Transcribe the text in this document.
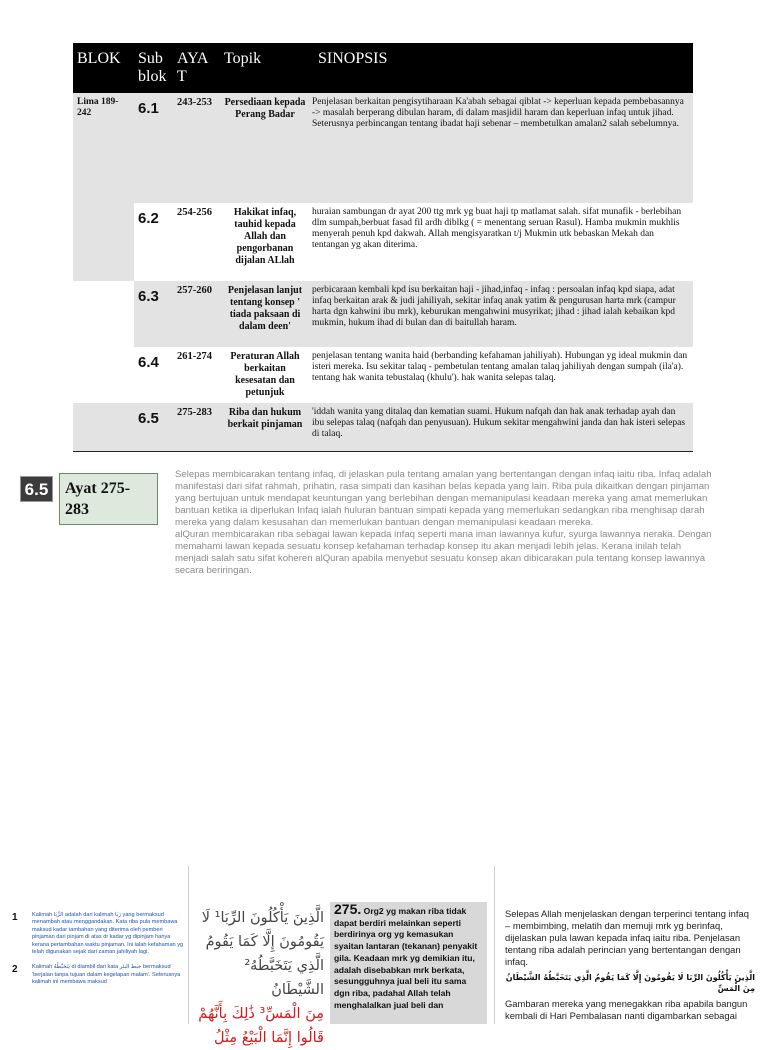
BLOK	Sub blok	AYA T	Topik	SINOPSIS
Lima 189-242	6.1	243-253	Persediaan kepada Perang Badar	Penjelasan berkaitan pengisytiharaan Ka'abah sebagai qiblat -> keperluan kepada pembebasannya -> masalah berperang dibulan haram, di dalam masjidil haram dan keperluan infaq untuk jihad. Seterusnya perbincangan tentang ibadat haji sebenar – membetulkan amalan2 salah sebelumnya.
	6.2	254-256	Hakikat infaq, tauhid kepada Allah dan pengorbanan dijalan ALlah	huraian sambungan dr ayat 200 ttg mrk yg buat haji tp matlamat salah. sifat munafik - berlebihan dlm sumpah,berbuat fasad fil ardh diblkg ( = menentang seruan Rasul). Hamba mukmin mukhlis menyerah penuh kpd dakwah. Allah mengisyaratkan t/j Mukmin utk bebaskan Mekah dan tentangan yg akan diterima.
	6.3	257-260	Penjelasan lanjut tentang konsep ' tiada paksaan di dalam deen'	perbicaraan kembali kpd isu berkaitan haji - jihad,infaq - infaq : persoalan infaq kpd siapa, adat infaq berkaitan arak & judi jahiliyah, sekitar infaq anak yatim & pengurusan harta mrk (campur harta dgn kahwini ibu mrk), keburukan mengahwini musyrikat; jihad : jihad ialah kebaikan kpd mukmin, hukum ihad di bulan dan di baitullah haram.
	6.4	261-274	Peraturan Allah berkaitan kesesatan dan petunjuk	penjelasan tentang wanita haid (berbanding kefahaman jahiliyah). Hubungan yg ideal mukmin dan isteri mereka. Isu sekitar talaq - pembetulan tentang amalan talaq jahiliyah dengan sumpah (ila'a). tentang hak wanita tebustalaq (khulu'). hak wanita selepas talaq.
	6.5	275-283	Riba dan hukum berkait pinjaman	'iddah wanita yang ditalaq dan kematian suami. Hukum nafqah dan hak anak terhadap ayah dan ibu selepas talaq (nafqah dan penyusuan). Hukum sekitar mengahwini janda dan hak isteri selepas di talaq.
6.5	Ayat 275-283

Selepas membicarakan tentang infaq, di jelaskan pula tentang amalan yang bertentangan dengan infaq iaitu riba. Infaq adalah manifestasi dari sifat rahmah, prihatin, rasa simpati dan kasihan belas kepada yang lain. Riba pula dikaitkan dengan pinjaman yang bertujuan untuk mendapat keuntungan yang berlebihan dengan memanipulasi keadaan mereka yang amat memerlukan bantuan ketika ia diperlukan Infaq ialah huluran bantuan simpati kepada yang memerlukan sedangkan riba menghisap darah mereka yang dalam kesusahan dan memerlukan bantuan dengan memanipulasi keadaan mereka.

alQuran membicarakan riba sebagai lawan kepada infaq seperti mana iman lawannya kufur, syurga lawannya neraka. Dengan memahami lawan kepada sesuatu konsep kefahaman terhadap konsep itu akan menjadi lebih jelas. Kerana inilah telah menjadi salah satu sifat koheren alQuran apabila menyebut sesuatu konsep akan dibicarakan pula tentang konsep lawannya secara beriringan.

1	Kalimah الرِّبَا adalah dari kalimah رَبَا yang bermaksud menambah atau menggandakan. Kata riba pula membawa maksud kadar tambahan yang diterima oleh pemberi pinjaman dari pinjam di atas dr kadar yg dipinjam hanya kerana pertambahan waktu pinjaman. Ini ialah kefahaman yg telah digunakan sejak dari zaman jahiliyah lagi.
2	Kalimah يَتَخَبَّطُهُ di diambil dari kata خبط البئر bermaksud 'berjalan tanpa tujuan dalam kegelapan malam'. Seterusnya kalimah ini membawa maksud
الَّذِينَ يَأْكُلُونَ الرِّبَا¹ لَا
يَقُومُونَ إِلَّا كَمَا يَقُومُ
الَّذِي يَتَخَبَّطُهُ² الشَّيْطَانُ
مِنَ الْمَسِّ³ ذَٰلِكَ بِأَنَّهُمْ
قَالُوا إِنَّمَا الْبَيْعُ مِثْلُ
275. Org2 yg makan riba tidak dapat berdiri melainkan seperti berdirinya org yg kemasukan syaitan lantaran (tekanan) penyakit gila. Keadaan mrk yg demikian itu, adalah disebabkan mrk berkata, sesungguhnya jual beli itu sama dgn riba, padahal Allah telah menghalalkan jual beli dan

Selepas Allah menjelaskan dengan terperinci tentang infaq – membimbing, melatih dan memuji mrk yg berinfaq, dijelaskan pula lawan kepada infaq iaitu riba. Penjelasan tentang riba adalah perincian yang bertentangan dengan infaq.

الَّذِينَ يَأْكُلُونَ الرِّبَا لَا يَقُومُونَ إِلَّا كَمَا يَقُومُ الَّذِي يَتَخَبَّطُهُ الشَّيْطَانُ مِنَ الْمَسِّ

Gambaran mereka yang menegakkan riba apabila bangun kembali di Hari Pembalasan nanti digambarkan sebagai
